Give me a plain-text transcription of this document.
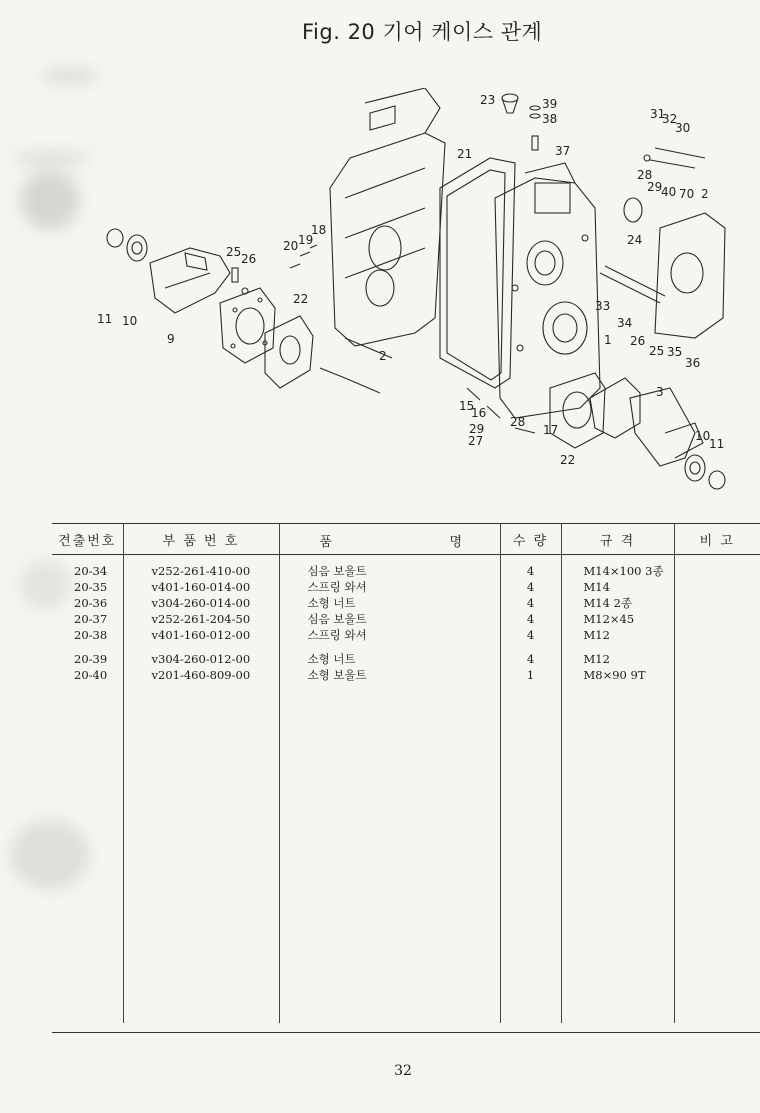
Fig. 20 기어 케이스 관계
11 10
9
25 26
20 19
18
22
2
21
23	39
38
37
31
32
30
28
29
40 70 2
24
33
34
1 26
25 35
36
3
15
16
29
27
28
17
22
10
11
견출번호	부 품 번 호	품 명	수 량	규 격	비 고

20-34	v252-261-410-00	심음 보울트	4	M14×100 3종	
20-35	v401-160-014-00	스프링 와셔	4	M14	
20-36	v304-260-014-00	소형 너트	4	M14 2종	
20-37	v252-261-204-50	심음 보울트	4	M12×45	
20-38	v401-160-012-00	스프링 와셔	4	M12	

20-39	v304-260-012-00	소형 너트	4	M12	
20-40	v201-460-809-00	소형 보울트	1	M8×90 9T	

32
